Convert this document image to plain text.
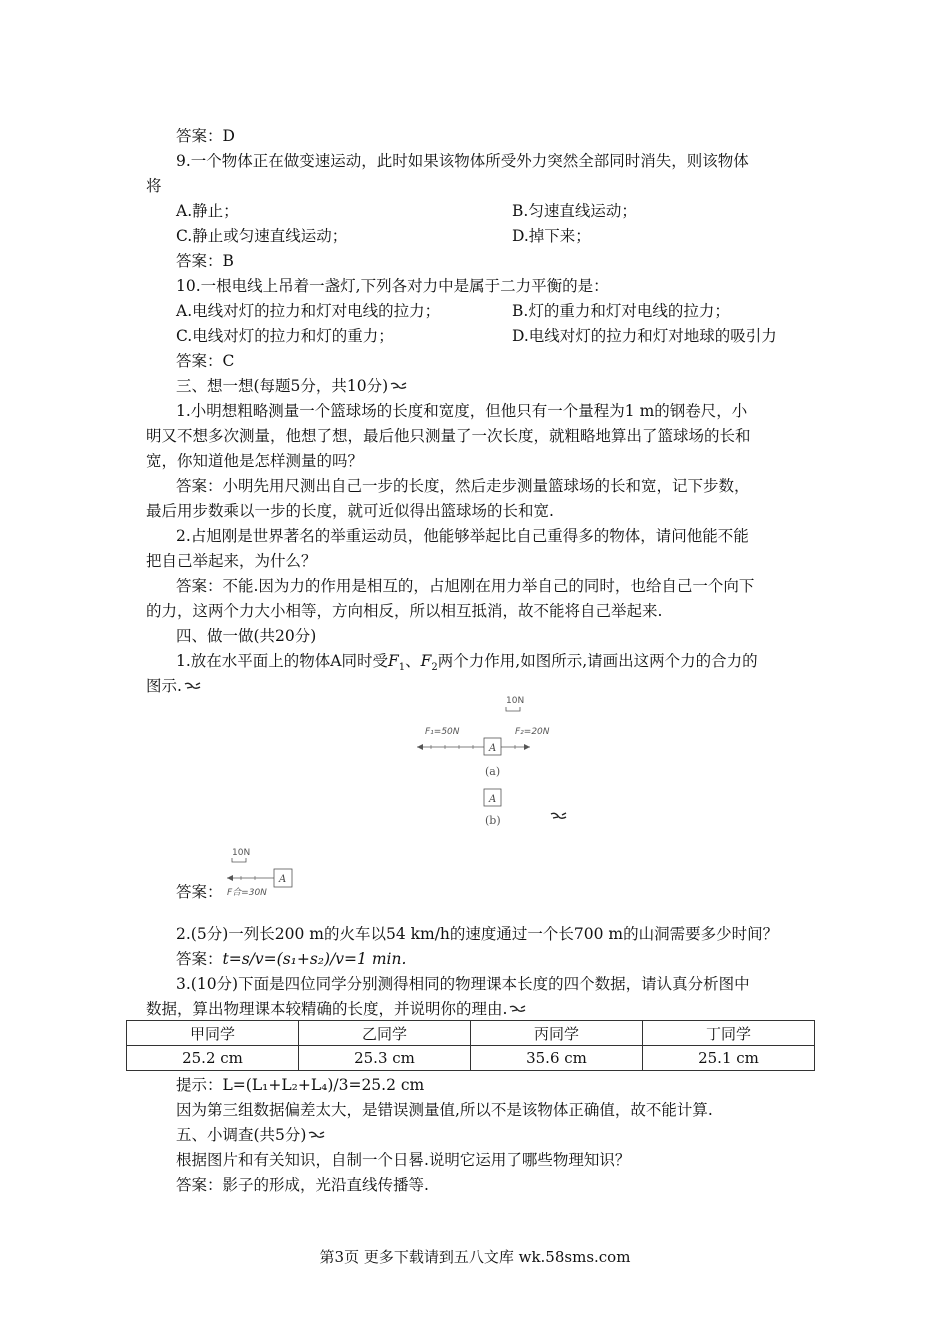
答案：D
9.一个物体正在做变速运动，此时如果该物体所受外力突然全部同时消失，则该物体
将
A.静止；	B.匀速直线运动；
C.静止或匀速直线运动；	D.掉下来；
答案：B
10.一根电线上吊着一盏灯,下列各对力中是属于二力平衡的是：
A.电线对灯的拉力和灯对电线的拉力；	B.灯的重力和灯对电线的拉力；
C.电线对灯的拉力和灯的重力；	D.电线对灯的拉力和灯对地球的吸引力
答案：C
三、想一想(每题5分，共10分)
1.小明想粗略测量一个篮球场的长度和宽度，但他只有一个量程为1 m的钢卷尺，小
明又不想多次测量，他想了想，最后他只测量了一次长度，就粗略地算出了篮球场的长和
宽，你知道他是怎样测量的吗？
答案：小明先用尺测出自己一步的长度，然后走步测量篮球场的长和宽，记下步数，
最后用步数乘以一步的长度，就可近似得出篮球场的长和宽.
2.占旭刚是世界著名的举重运动员，他能够举起比自己重得多的物体，请问他能不能
把自己举起来，为什么？
答案：不能.因为力的作用是相互的，占旭刚在用力举自己的同时，也给自己一个向下
的力，这两个力大小相等，方向相反，所以相互抵消，故不能将自己举起来.
四、做一做(共20分)
1.放在水平面上的物体A同时受$F_1$、$F_2$两个力作用,如图所示,请画出这两个力的合力的
图示.
10N
F₁=50N	F₂=20N
A
(a)
A
(b)
答案：
10N
A
F合=30N
2.(5分)一列长200 m的火车以54 km/h的速度通过一个长700 m的山洞需要多少时间？
答案：t=s/v=(s₁+s₂)/v=1 min.
3.(10分)下面是四位同学分别测得相同的物理课本长度的四个数据，请认真分析图中
数据，算出物理课本较精确的长度，并说明你的理由.
甲同学	乙同学	丙同学	丁同学
25.2 cm	25.3 cm	35.6 cm	25.1 cm
提示：L=(L₁+L₂+L₄)/3=25.2 cm
因为第三组数据偏差太大，是错误测量值,所以不是该物体正确值，故不能计算.
五、小调查(共5分)
根据图片和有关知识，自制一个日晷.说明它运用了哪些物理知识？
答案：影子的形成，光沿直线传播等.
第3页 更多下载请到五八文库 wk.58sms.com
